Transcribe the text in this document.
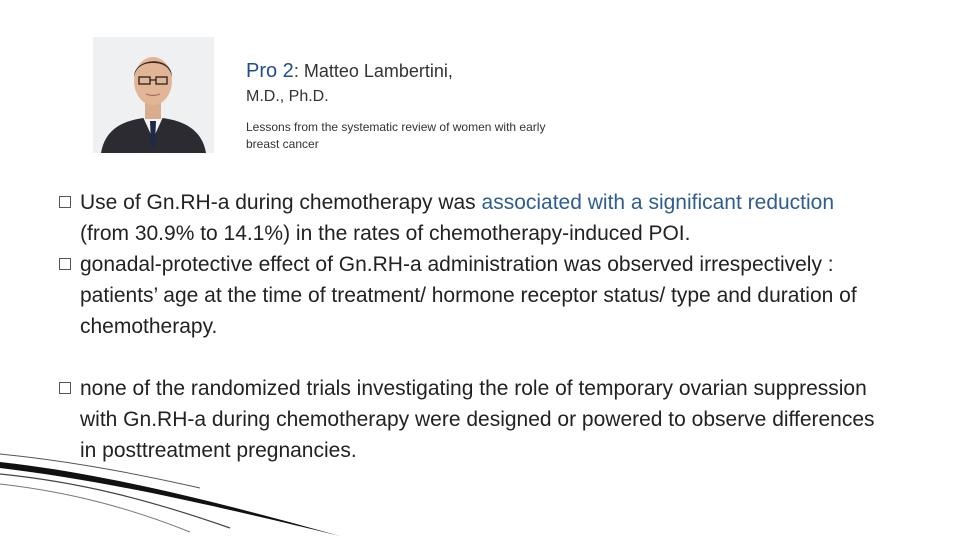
Pro 2: Matteo Lambertini,
M.D., Ph.D.
Lessons from the systematic review of women with early breast cancer
Use of Gn.RH-a during chemotherapy was associated with a significant reduction (from 30.9% to 14.1%) in the rates of chemotherapy-induced POI.
gonadal-protective effect of Gn.RH-a administration was observed irrespectively : patients’ age at the time of treatment/ hormone receptor status/ type and duration of chemotherapy.
none of the randomized trials investigating the role of temporary ovarian suppression with Gn.RH-a during chemotherapy were designed or powered to observe differences in posttreatment pregnancies.
